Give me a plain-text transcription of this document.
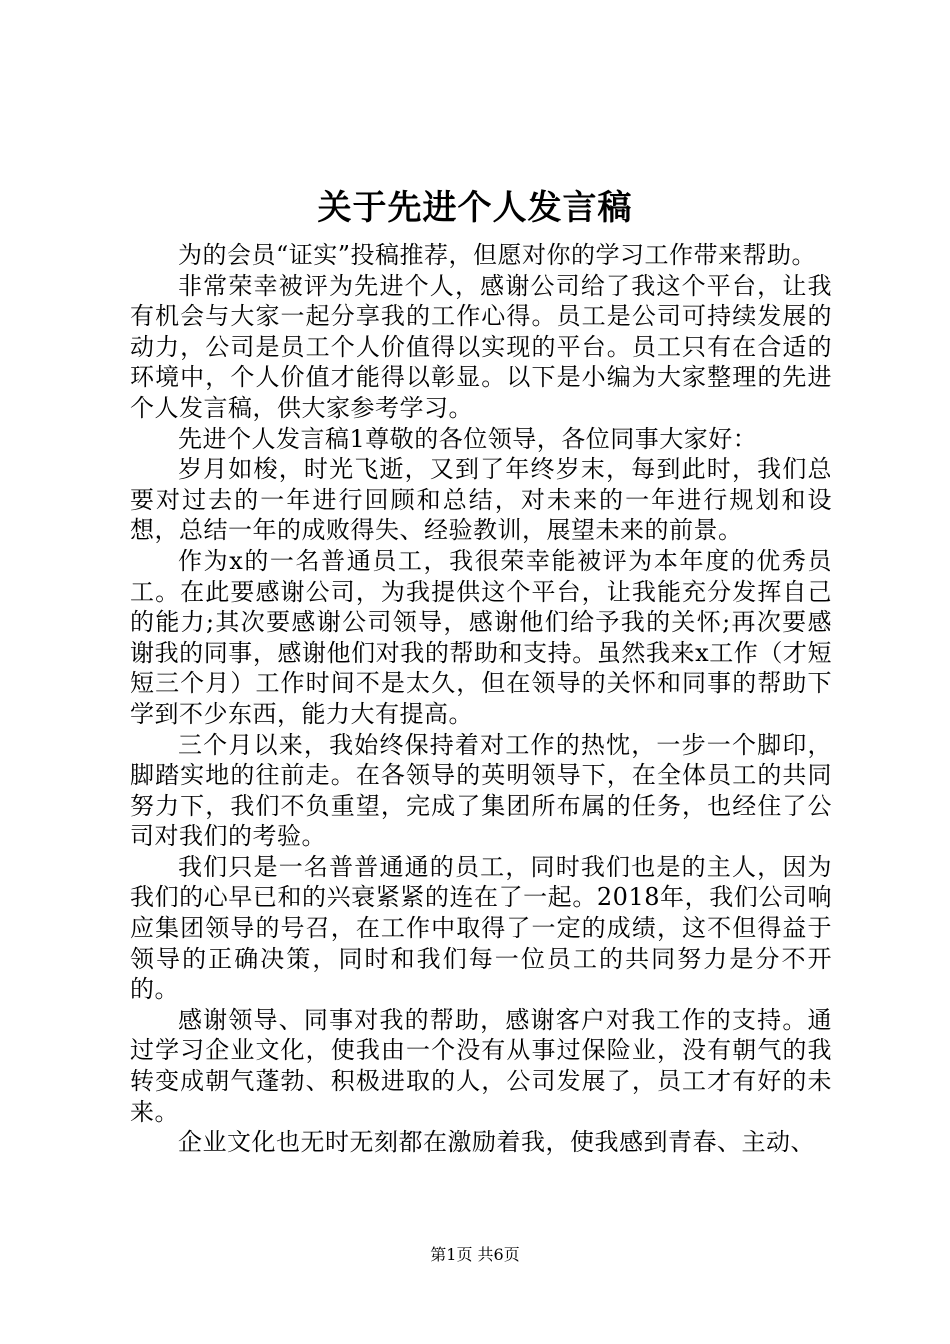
关于先进个人发言稿

为的会员“证实”投稿推荐，但愿对你的学习工作带来帮助。

非常荣幸被评为先进个人，感谢公司给了我这个平台，让我有机会与大家一起分享我的工作心得。员工是公司可持续发展的动力，公司是员工个人价值得以实现的平台。员工只有在合适的环境中，个人价值才能得以彰显。以下是小编为大家整理的先进个人发言稿，供大家参考学习。

先进个人发言稿1尊敬的各位领导，各位同事大家好：

岁月如梭，时光飞逝，又到了年终岁末，每到此时，我们总要对过去的一年进行回顾和总结，对未来的一年进行规划和设想，总结一年的成败得失、经验教训，展望未来的前景。

作为x的一名普通员工，我很荣幸能被评为本年度的优秀员工。在此要感谢公司，为我提供这个平台，让我能充分发挥自己的能力;其次要感谢公司领导，感谢他们给予我的关怀;再次要感谢我的同事，感谢他们对我的帮助和支持。虽然我来x工作（才短短三个月）工作时间不是太久，但在领导的关怀和同事的帮助下学到不少东西，能力大有提高。

三个月以来，我始终保持着对工作的热忱，一步一个脚印，脚踏实地的往前走。在各领导的英明领导下，在全体员工的共同努力下，我们不负重望，完成了集团所布属的任务，也经住了公司对我们的考验。

我们只是一名普普通通的员工，同时我们也是的主人，因为我们的心早已和的兴衰紧紧的连在了一起。2018年，我们公司响应集团领导的号召，在工作中取得了一定的成绩，这不但得益于领导的正确决策，同时和我们每一位员工的共同努力是分不开的。

感谢领导、同事对我的帮助，感谢客户对我工作的支持。通过学习企业文化，使我由一个没有从事过保险业，没有朝气的我转变成朝气蓬勃、积极进取的人，公司发展了，员工才有好的未来。

企业文化也无时无刻都在激励着我，使我感到青春、主动、

第1页 共6页
